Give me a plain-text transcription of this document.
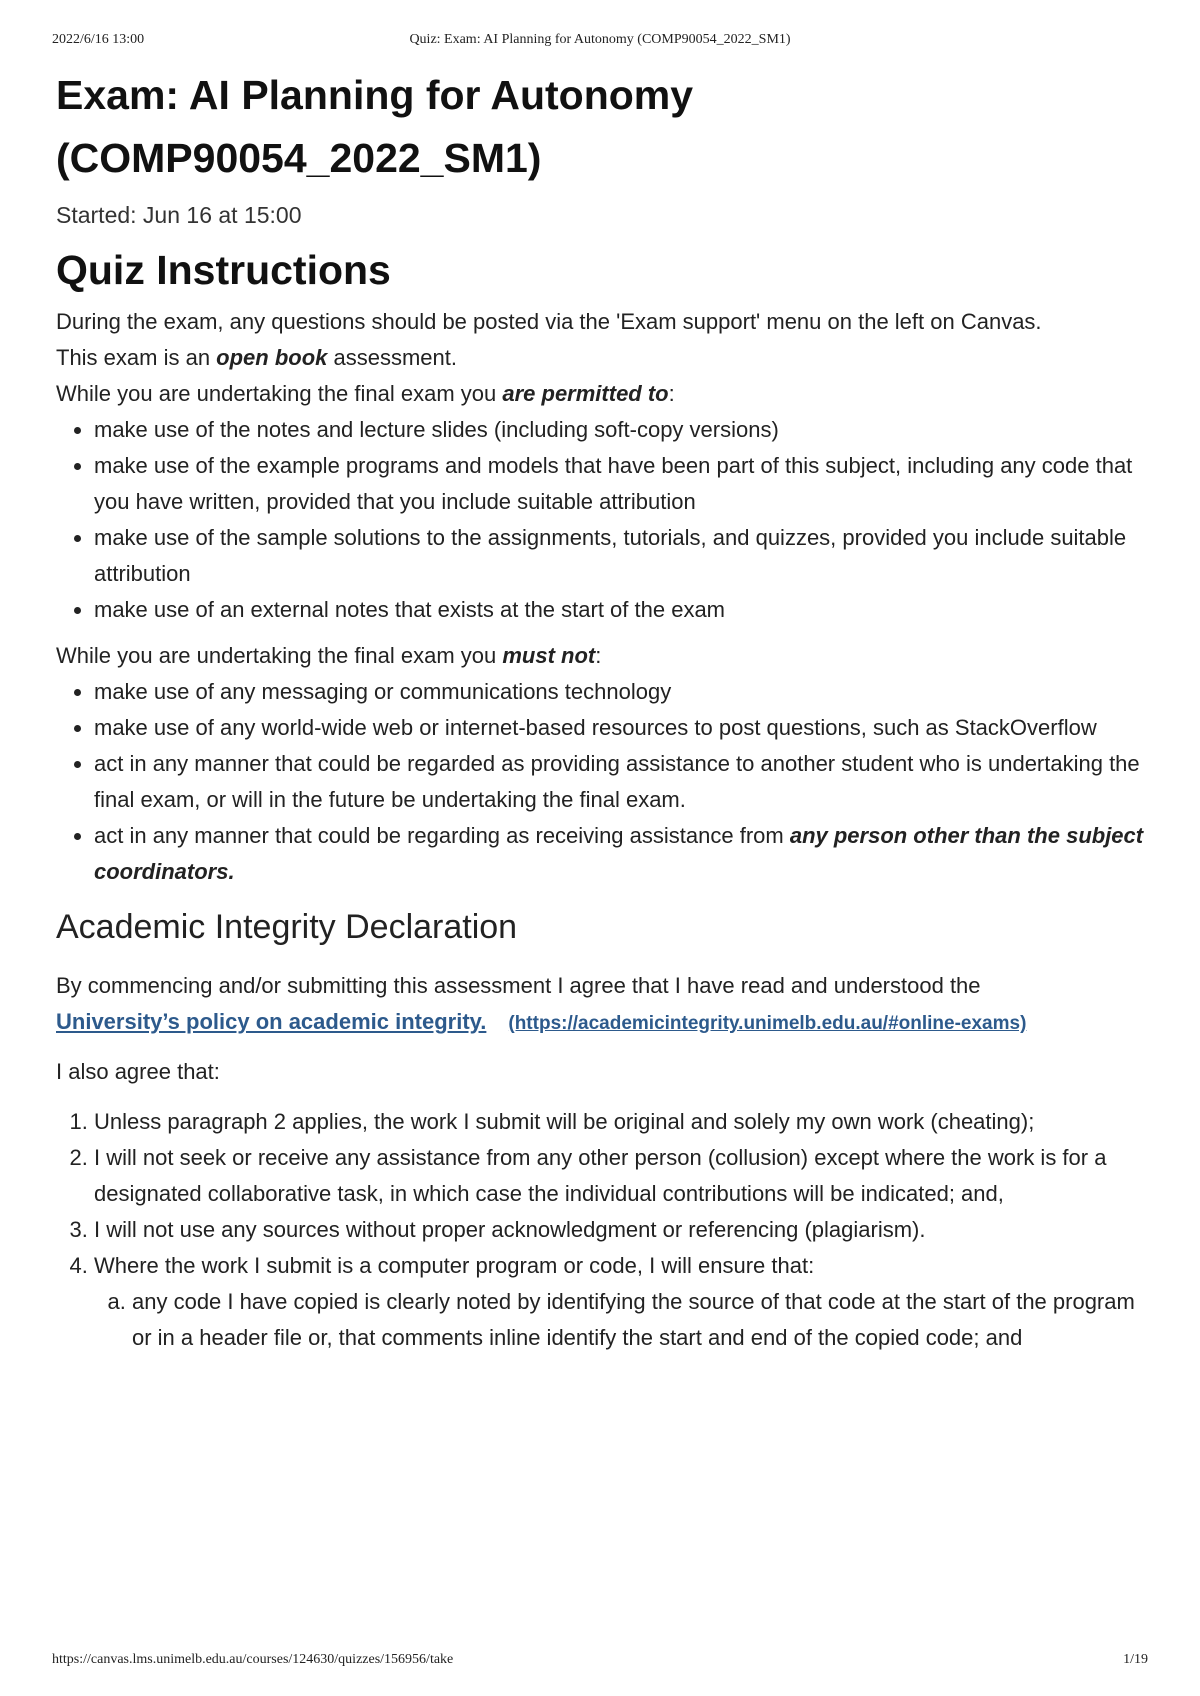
2022/6/16 13:00	Quiz: Exam: AI Planning for Autonomy (COMP90054_2022_SM1)
Exam: AI Planning for Autonomy
(COMP90054_2022_SM1)
Started: Jun 16 at 15:00
Quiz Instructions

During the exam, any questions should be posted via the 'Exam support' menu on the left on Canvas.

This exam is an open book assessment.

While you are undertaking the final exam you are permitted to:

• make use of the notes and lecture slides (including soft-copy versions)
• make use of the example programs and models that have been part of this subject, including any code that you have written, provided that you include suitable attribution
• make use of the sample solutions to the assignments, tutorials, and quizzes, provided you include suitable attribution
• make use of an external notes that exists at the start of the exam

While you are undertaking the final exam you must not:

• make use of any messaging or communications technology
• make use of any world-wide web or internet-based resources to post questions, such as StackOverflow
• act in any manner that could be regarded as providing assistance to another student who is undertaking the final exam, or will in the future be undertaking the final exam.
• act in any manner that could be regarding as receiving assistance from any person other than the subject coordinators.
Academic Integrity Declaration

By commencing and/or submitting this assessment I agree that I have read and understood the
University’s policy on academic integrity. (https://academicintegrity.unimelb.edu.au/#online-exams)

I also agree that:

1. Unless paragraph 2 applies, the work I submit will be original and solely my own work (cheating);
2. I will not seek or receive any assistance from any other person (collusion) except where the work is for a designated collaborative task, in which case the individual contributions will be indicated; and,
3. I will not use any sources without proper acknowledgment or referencing (plagiarism).
4. Where the work I submit is a computer program or code, I will ensure that:
a. any code I have copied is clearly noted by identifying the source of that code at the start of the program or in a header file or, that comments inline identify the start and end of the copied code; and
https://canvas.lms.unimelb.edu.au/courses/124630/quizzes/156956/take	1/19
